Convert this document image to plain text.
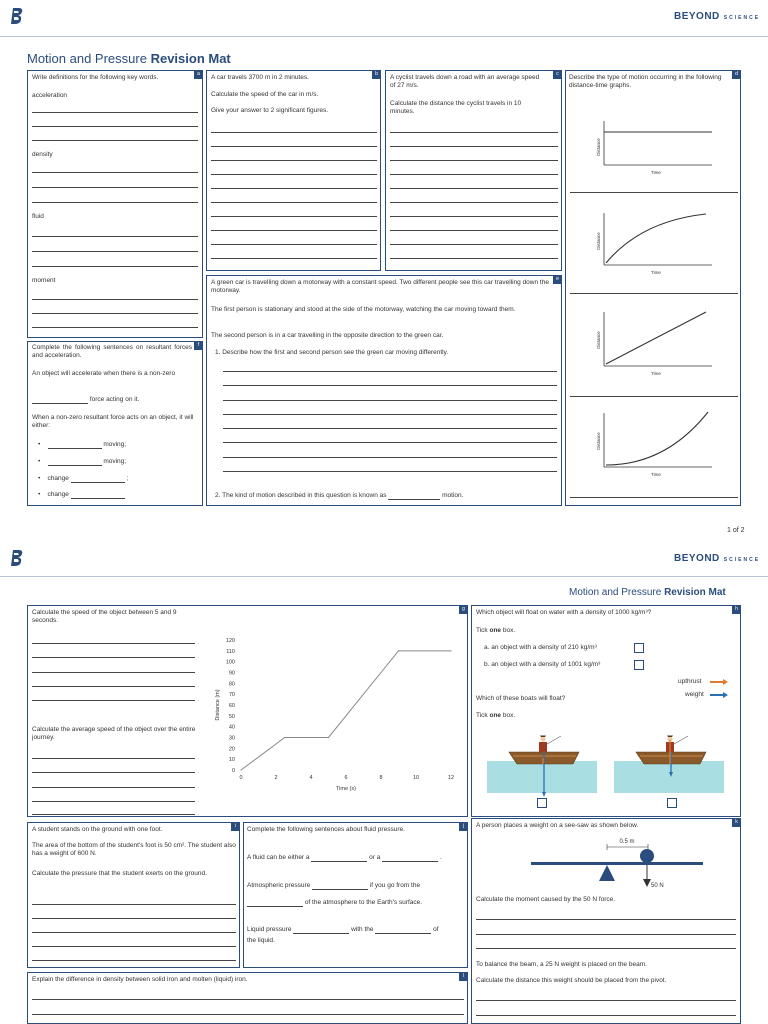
BEYOND SCIENCE
Motion and Pressure Revision Mat
a
Write definitions for the following key words.
acceleration
density
fluid
moment
b
A car travels 3700 m in 2 minutes.
Calculate the speed of the car in m/s.
Give your answer to 2 significant figures.
c
A cyclist travels down a road with an average speed of 27 m/s.
Calculate the distance the cyclist travels in 10 minutes.
d
Describe the type of motion occurring in the following distance-time graphs.
Distance
Time
Distance
Time
Distance
Time
Distance
Time
e
A green car is travelling down a motorway with a constant speed. Two different people see this car travelling down the motorway.
The first person is stationary and stood at the side of the motorway, watching the car moving toward them.
The second person is in a car travelling in the opposite direction to the green car.
1. Describe how the first and second person see the green car moving differently.
2. The kind of motion described in this question is known as	motion.
f
Complete the following sentences on resultant forces and acceleration.
An object will accelerate when there is a non-zero
force acting on it.
When a non-zero resultant force acts on an object, it will either:
•	moving;
•	moving;
•    change	;
•    change
1 of 2
BEYOND SCIENCE
Motion and Pressure Revision Mat
g
Calculate the speed of the object between 5 and 9 seconds.
Calculate the average speed of the object over the entire journey.
0
10
20
30
40
50
60
70
80
90
100
110
120
0	2	4	6	8	10	12
Time (s)
Distance (m)
h
Which object will float on water with a density of 1000 kg/m³?
Tick one box.
a. an object with a density of 210 kg/m³
b. an object with a density of 1001 kg/m³
upthrust
weight
Which of these boats will float?
Tick one box.
i
A student stands on the ground with one foot.
The area of the bottom of the student's foot is 50 cm². The student also has a weight of 600 N.
Calculate the pressure that the student exerts on the ground.
j
Complete the following sentences about fluid pressure.
A fluid can be either a	or a	.
Atmospheric pressure	if you go from the
of the atmosphere to the Earth's surface.
Liquid pressure	with the	of
the liquid.
k
A person places a weight on a see-saw as shown below.
0.5 m
50 N
Calculate the moment caused by the 50 N force.
To balance the beam, a 25 N weight is placed on the beam.
Calculate the distance this weight should be placed from the pivot.
l
Explain the difference in density between solid iron and molten (liquid) iron.
